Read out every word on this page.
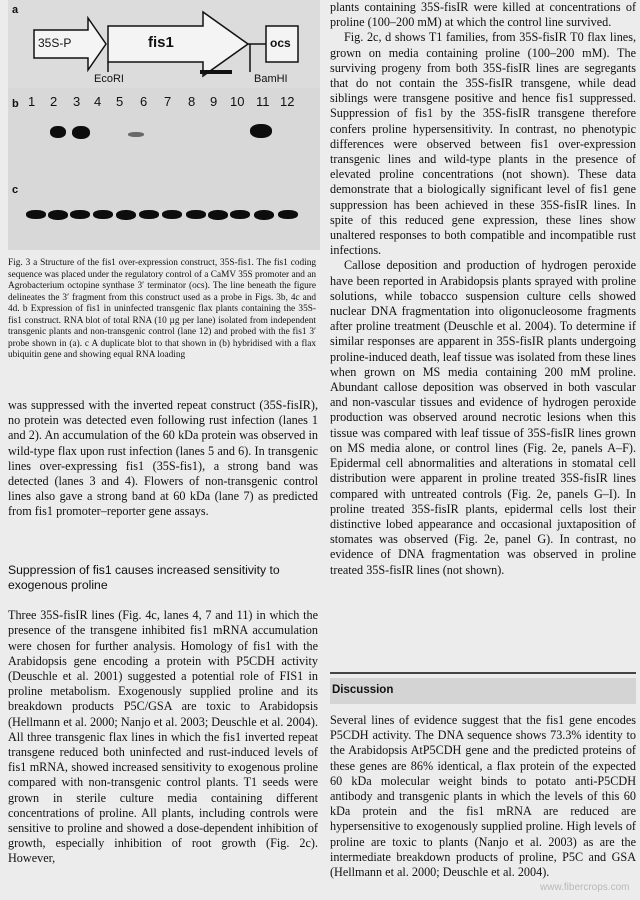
a
35S-P	fis1	ocs
EcoRI	BamHI
b 1 2 3 4 5 6 7 8 9 10 11 12
c
Fig. 3 a Structure of the fis1 over-expression construct, 35S-fis1. The fis1 coding sequence was placed under the regulatory control of a CaMV 35S promoter and an Agrobacterium octopine synthase 3′ terminator (ocs). The line beneath the figure delineates the 3′ fragment from this construct used as a probe in Figs. 3b, 4c and 4d. b Expression of fis1 in uninfected transgenic flax plants containing the 35S-fis1 construct. RNA blot of total RNA (10 µg per lane) isolated from independent transgenic plants and non-transgenic control (lane 12) and probed with the fis1 3′ probe shown in (a). c A duplicate blot to that shown in (b) hybridised with a flax ubiquitin gene and showing equal RNA loading

was suppressed with the inverted repeat construct (35S-fisIR), no protein was detected even following rust infection (lanes 1 and 2). An accumulation of the 60 kDa protein was observed in wild-type flax upon rust infection (lanes 5 and 6). In transgenic lines over-expressing fis1 (35S-fis1), a strong band was detected (lanes 3 and 4). Flowers of non-transgenic control lines also gave a strong band at 60 kDa (lane 7) as predicted from fis1 promoter–reporter gene assays.

Suppression of fis1 causes increased sensitivity to exogenous proline

Three 35S-fisIR lines (Fig. 4c, lanes 4, 7 and 11) in which the presence of the transgene inhibited fis1 mRNA accumulation were chosen for further analysis. Homology of fis1 with the Arabidopsis gene encoding a protein with P5CDH activity (Deuschle et al. 2001) suggested a potential role of FIS1 in proline metabolism. Exogenously supplied proline and its breakdown products P5C/GSA are toxic to Arabidopsis (Hellmann et al. 2000; Nanjo et al. 2003; Deuschle et al. 2004). All three transgenic flax lines in which the fis1 inverted repeat transgene reduced both uninfected and rust-induced levels of fis1 mRNA, showed increased sensitivity to exogenous proline compared with non-transgenic control plants. T1 seeds were grown in sterile culture media containing different concentrations of proline. All plants, including controls were sensitive to proline and showed a dose-dependent inhibition of growth, especially inhibition of root growth (Fig. 2c). However,

plants containing 35S-fisIR were killed at concentrations of proline (100–200 mM) at which the control line survived.

Fig. 2c, d shows T1 families, from 35S-fisIR T0 flax lines, grown on media containing proline (100–200 mM). The surviving progeny from both 35S-fisIR lines are segregants that do not contain the 35S-fisIR transgene, while dead siblings were transgene positive and hence fis1 suppressed. Suppression of fis1 by the 35S-fisIR transgene therefore confers proline hypersensitivity. In contrast, no phenotypic differences were observed between fis1 over-expression transgenic lines and wild-type plants in the presence of elevated proline concentrations (not shown). These data demonstrate that a biologically significant level of fis1 gene suppression has been achieved in these 35S-fisIR lines. In spite of this reduced gene expression, these lines show unaltered responses to both compatible and incompatible rust infections.

Callose deposition and production of hydrogen peroxide have been reported in Arabidopsis plants sprayed with proline solutions, while tobacco suspension culture cells showed nuclear DNA fragmentation into oligonucleosome fragments after proline treatment (Deuschle et al. 2004). To determine if similar responses are apparent in 35S-fisIR plants undergoing proline-induced death, leaf tissue was isolated from these lines when grown on MS media containing 200 mM proline. Abundant callose deposition was observed in both vascular and non-vascular tissues and evidence of hydrogen peroxide production was observed around necrotic lesions when this tissue was compared with leaf tissue of 35S-fisIR lines grown on MS media alone, or control lines (Fig. 2e, panels A–F). Epidermal cell abnormalities and alterations in stomatal cell distribution were apparent in proline treated 35S-fisIR lines compared with untreated controls (Fig. 2e, panels G–I). In proline treated 35S-fisIR plants, epidermal cells lost their distinctive lobed appearance and occasional juxtaposition of stomates was observed (Fig. 2e, panel G). In contrast, no evidence of DNA fragmentation was observed in proline treated 35S-fisIR lines (not shown).

Discussion

Several lines of evidence suggest that the fis1 gene encodes P5CDH activity. The DNA sequence shows 73.3% identity to the Arabidopsis AtP5CDH gene and the predicted proteins of these genes are 86% identical, a flax protein of the expected 60 kDa molecular weight binds to potato anti-P5CDH antibody and transgenic plants in which the levels of this 60 kDa protein and the fis1 mRNA are reduced are hypersensitive to exogenously supplied proline. High levels of proline are toxic to plants (Nanjo et al. 2003) as are the intermediate breakdown products of proline, P5C and GSA (Hellmann et al. 2000; Deuschle et al. 2004).

www.fibercrops.com
